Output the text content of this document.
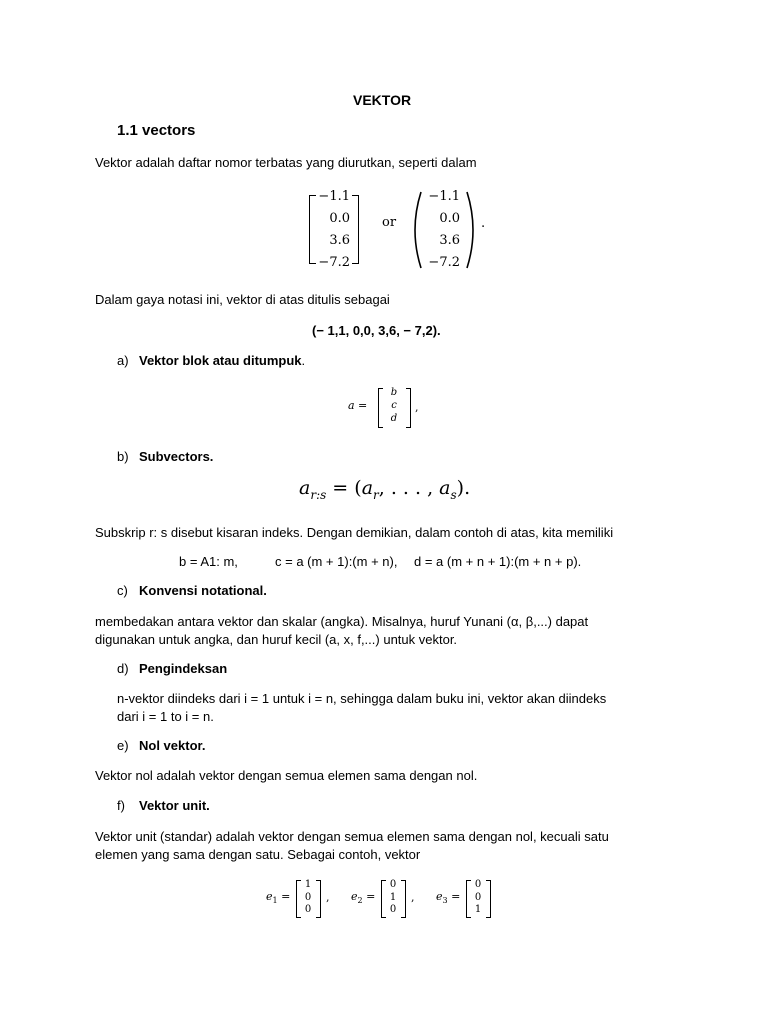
VEKTOR
1.1 vectors
Vektor adalah daftar nomor terbatas yang diurutkan, seperti dalam
−1.1
0.0
3.6
−7.2
or
−1.1
0.0
3.6
−7.2
.
Dalam gaya notasi ini, vektor di atas ditulis sebagai
(− 1,1, 0,0, 3,6, − 7,2).
a) Vektor blok atau ditumpuk.
a =
b
c
d
,
b) Subvectors.
$a_{r:s} = (a_r$, . . . , $a_s$).
Subskrip r: s disebut kisaran indeks. Dengan demikian, dalam contoh di atas, kita memiliki
b = A1: m,	c = a (m + 1):(m + n), d = a (m + n + 1):(m + n + p).
c) Konvensi notational.
membedakan antara vektor dan skalar (angka). Misalnya, huruf Yunani (α, β,...) dapat
digunakan untuk angka, dan huruf kecil (a, x, f,...) untuk vektor.
d) Pengindeksan
n-vektor diindeks dari i = 1 untuk i = n, sehingga dalam buku ini, vektor akan diindeks
dari i = 1 to i = n.
e) Nol vektor.
Vektor nol adalah vektor dengan semua elemen sama dengan nol.
f) Vektor unit.
Vektor unit (standar) adalah vektor dengan semua elemen sama dengan nol, kecuali satu
elemen yang sama dengan satu. Sebagai contoh, vektor
$e_1$ =
1
0
0
, $e_2$ =
0
1
0
, $e_3$ =
0
0
1
